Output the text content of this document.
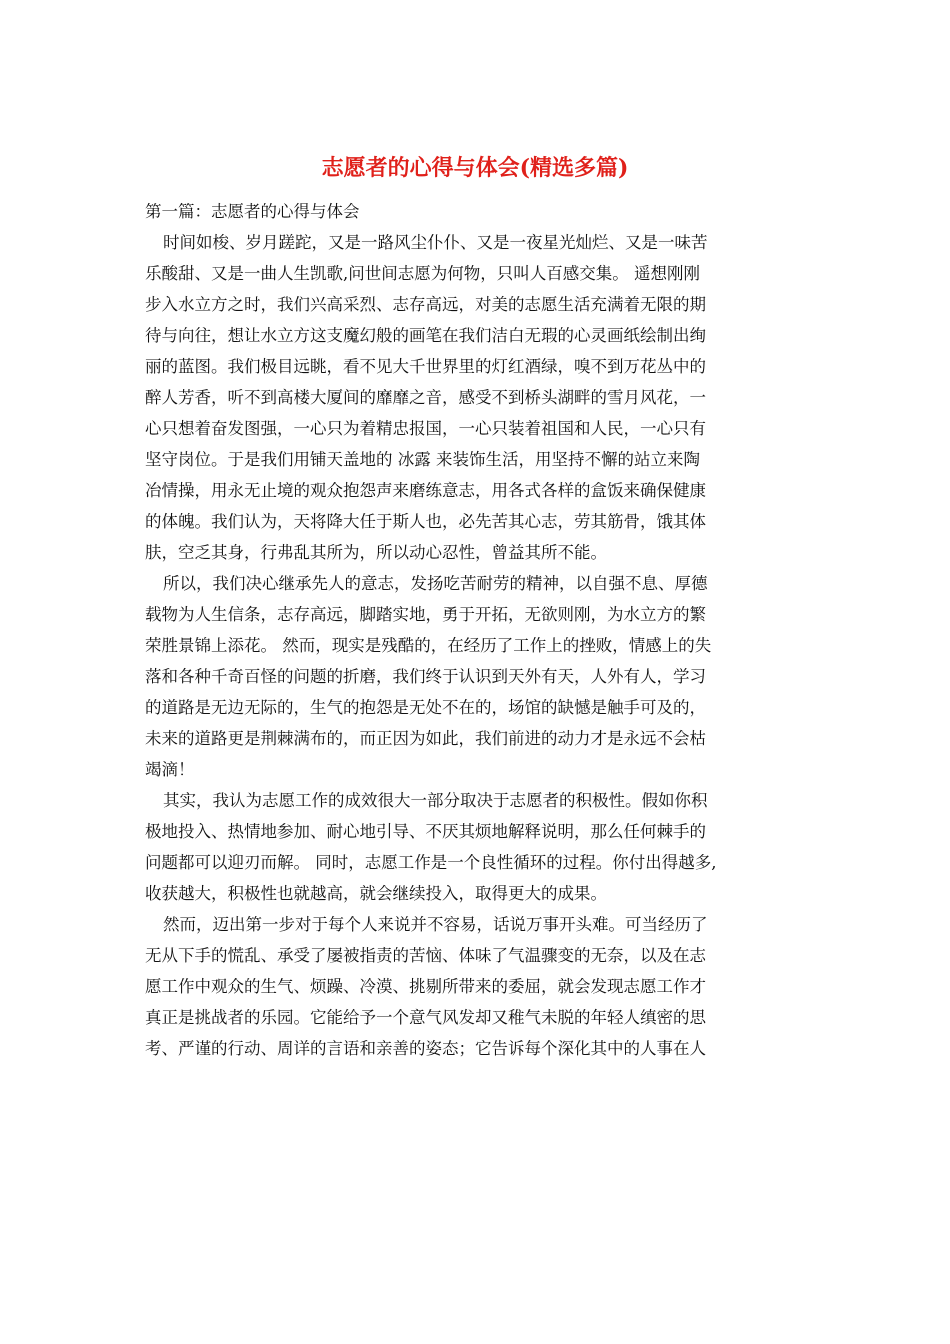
志愿者的心得与体会(精选多篇)
第一篇：志愿者的心得与体会
时间如梭、岁月蹉跎，又是一路风尘仆仆、又是一夜星光灿烂、又是一味苦
乐酸甜、又是一曲人生凯歌,问世间志愿为何物，只叫人百感交集。 遥想刚刚
步入水立方之时，我们兴高采烈、志存高远，对美的志愿生活充满着无限的期
待与向往，想让水立方这支魔幻般的画笔在我们洁白无瑕的心灵画纸绘制出绚
丽的蓝图。我们极目远眺，看不见大千世界里的灯红酒绿，嗅不到万花丛中的
醉人芳香，听不到高楼大厦间的靡靡之音，感受不到桥头湖畔的雪月风花，一
心只想着奋发图强，一心只为着精忠报国，一心只装着祖国和人民，一心只有
坚守岗位。于是我们用铺天盖地的 冰露 来装饰生活，用坚持不懈的站立来陶
冶情操，用永无止境的观众抱怨声来磨练意志，用各式各样的盒饭来确保健康
的体魄。我们认为，天将降大任于斯人也，必先苦其心志，劳其筋骨，饿其体
肤，空乏其身，行弗乱其所为，所以动心忍性，曾益其所不能。
所以，我们决心继承先人的意志，发扬吃苦耐劳的精神，以自强不息、厚德
载物为人生信条，志存高远，脚踏实地，勇于开拓，无欲则刚，为水立方的繁
荣胜景锦上添花。 然而，现实是残酷的，在经历了工作上的挫败，情感上的失
落和各种千奇百怪的问题的折磨，我们终于认识到天外有天，人外有人，学习
的道路是无边无际的，生气的抱怨是无处不在的，场馆的缺憾是触手可及的，
未来的道路更是荆棘满布的，而正因为如此，我们前进的动力才是永远不会枯
竭滴！
其实，我认为志愿工作的成效很大一部分取决于志愿者的积极性。假如你积
极地投入、热情地参加、耐心地引导、不厌其烦地解释说明，那么任何棘手的
问题都可以迎刃而解。 同时，志愿工作是一个良性循环的过程。你付出得越多,
收获越大，积极性也就越高，就会继续投入，取得更大的成果。
然而，迈出第一步对于每个人来说并不容易，话说万事开头难。可当经历了
无从下手的慌乱、承受了屡被指责的苦恼、体味了气温骤变的无奈，以及在志
愿工作中观众的生气、烦躁、冷漠、挑剔所带来的委屈，就会发现志愿工作才
真正是挑战者的乐园。它能给予一个意气风发却又稚气未脱的年轻人缜密的思
考、严谨的行动、周详的言语和亲善的姿态；它告诉每个深化其中的人事在人
